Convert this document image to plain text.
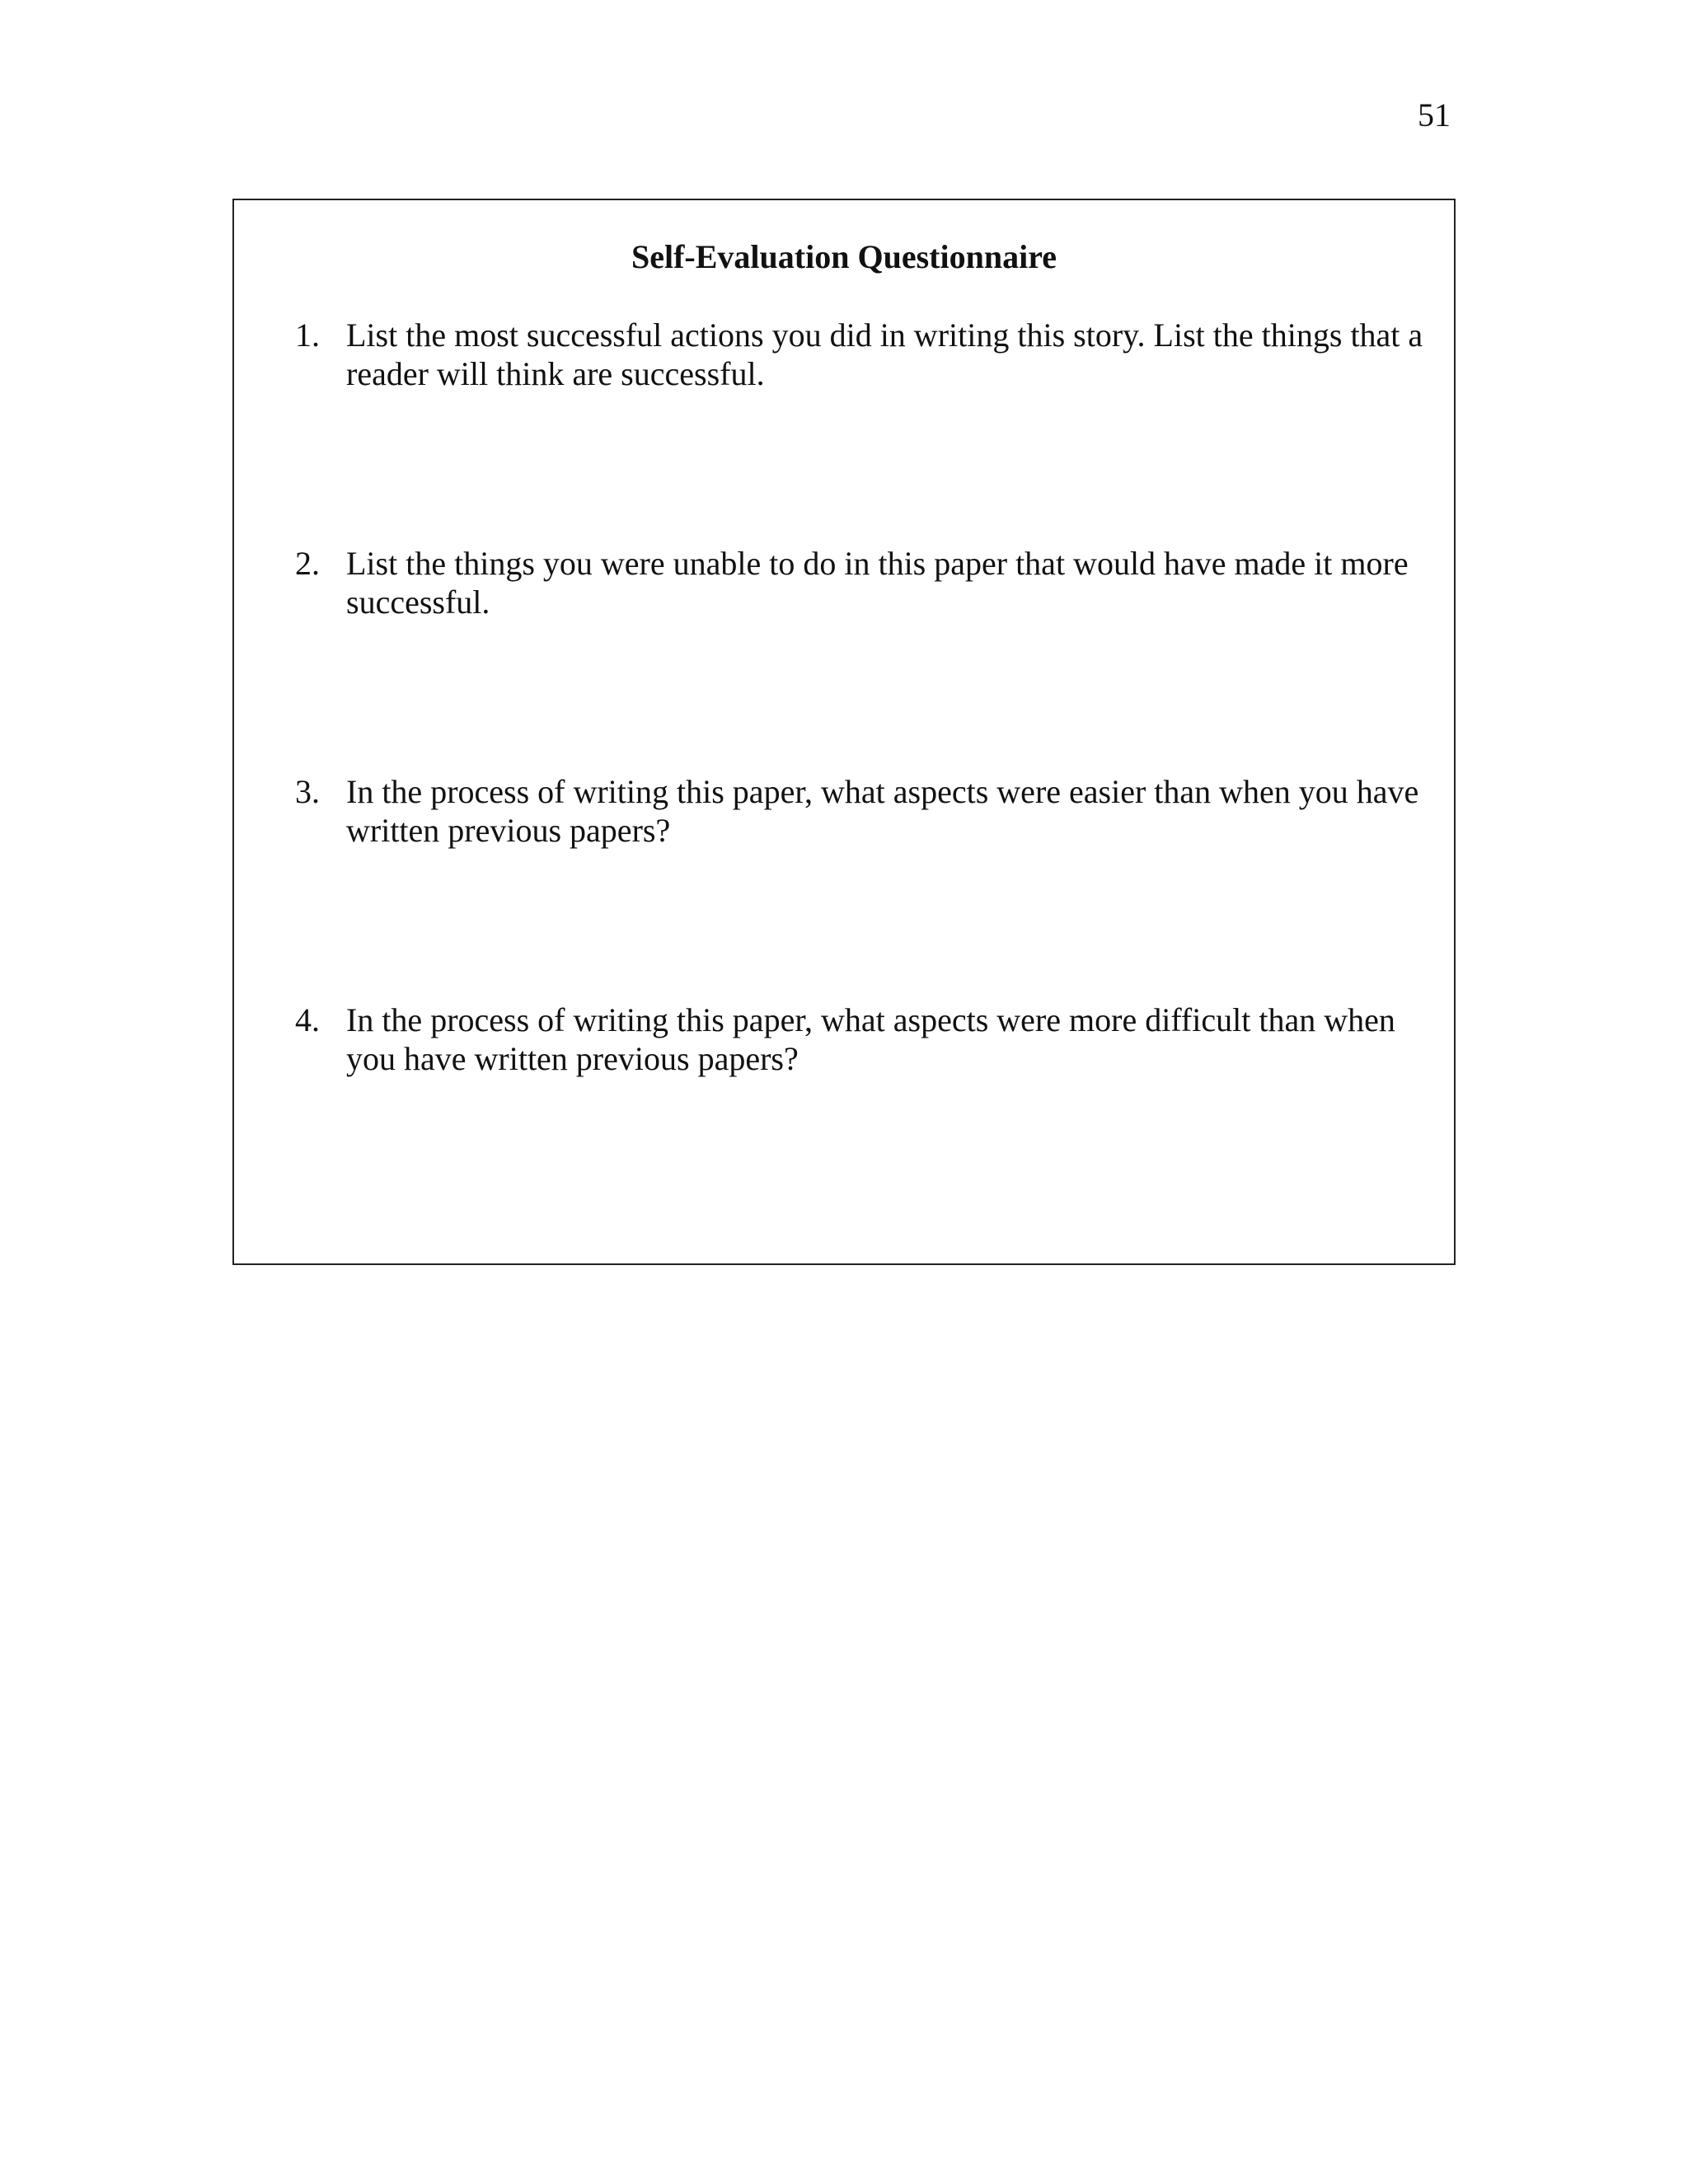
51
Self-Evaluation Questionnaire
1. List the most successful actions you did in writing this story. List the things that a reader will think are successful.
2. List the things you were unable to do in this paper that would have made it more successful.
3. In the process of writing this paper, what aspects were easier than when you have written previous papers?
4. In the process of writing this paper, what aspects were more difficult than when you have written previous papers?
